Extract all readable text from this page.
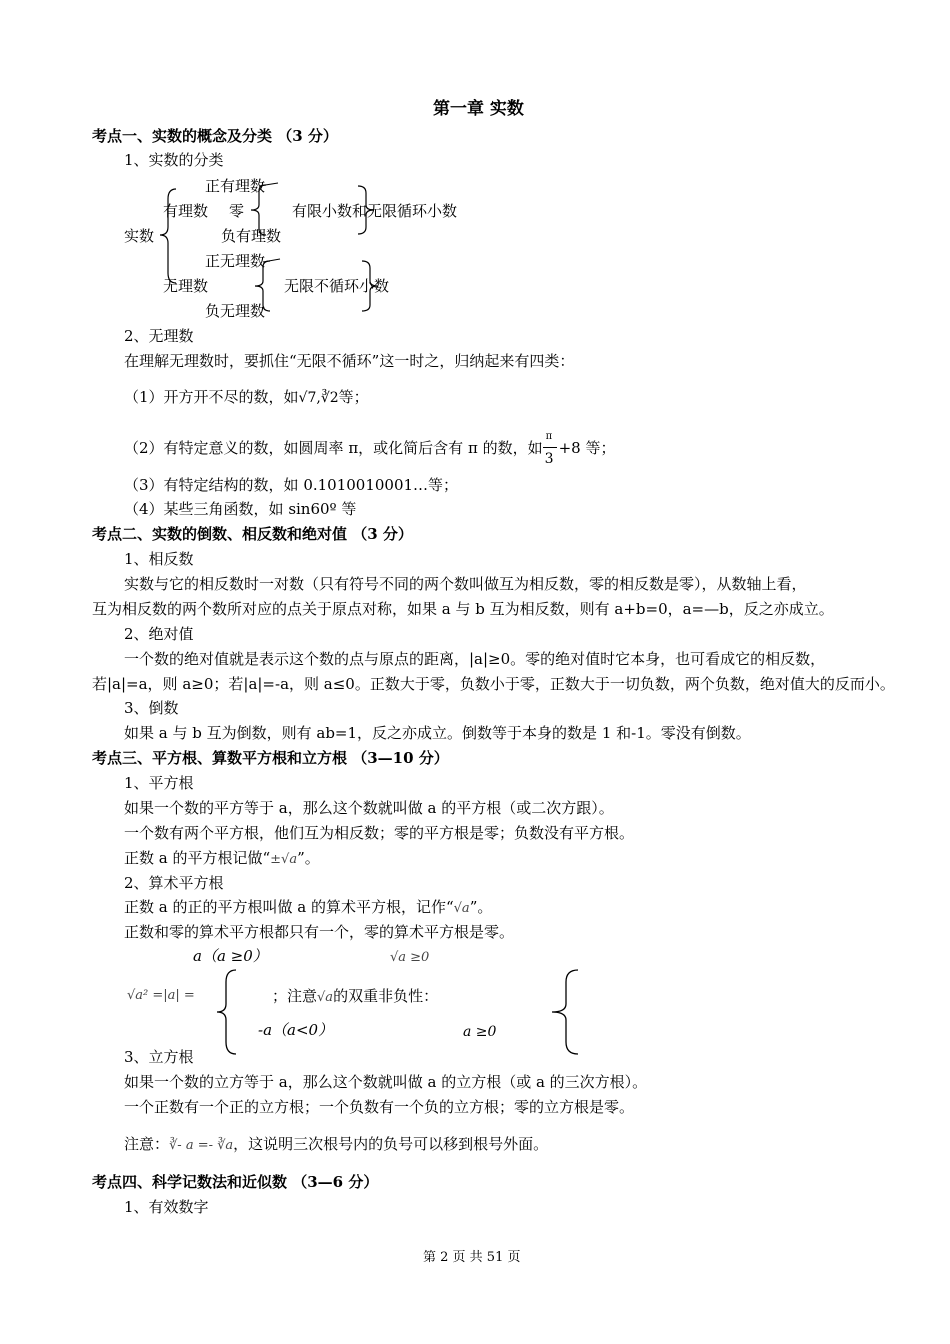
第一章 实数
考点一、实数的概念及分类 （3 分）
1、实数的分类
实数
有理数
正有理数
零
负有理数
有限小数和无限循环小数
无理数
正无理数
负无理数
无限不循环小数
2、无理数
在理解无理数时，要抓住“无限不循环”这一时之，归纳起来有四类：
（1）开方开不尽的数，如√7,∛2等；
（2）有特定意义的数，如圆周率 π，或化简后含有 π 的数，如
π
3
+8 等；
（3）有特定结构的数，如 0.1010010001…等；
（4）某些三角函数，如 sin60º 等
考点二、实数的倒数、相反数和绝对值 （3 分）
1、相反数
实数与它的相反数时一对数（只有符号不同的两个数叫做互为相反数，零的相反数是零），从数轴上看，
互为相反数的两个数所对应的点关于原点对称，如果 a 与 b 互为相反数，则有 a+b=0，a=—b，反之亦成立。
2、绝对值
一个数的绝对值就是表示这个数的点与原点的距离，|a|≥0。零的绝对值时它本身，也可看成它的相反数，
若|a|=a，则 a≥0；若|a|=-a，则 a≤0。正数大于零，负数小于零，正数大于一切负数，两个负数，绝对值大的反而小。
3、倒数
如果 a 与 b 互为倒数，则有 ab=1，反之亦成立。倒数等于本身的数是 1 和-1。零没有倒数。
考点三、平方根、算数平方根和立方根 （3—10 分）
1、平方根
如果一个数的平方等于 a，那么这个数就叫做 a 的平方根（或二次方跟）。
一个数有两个平方根，他们互为相反数；零的平方根是零；负数没有平方根。
正数 a 的平方根记做“±√a”。
2、算术平方根
正数 a 的正的平方根叫做 a 的算术平方根，记作“√a”。
正数和零的算术平方根都只有一个，零的算术平方根是零。
a（a ≥0）	√a ≥0
√a² =|a| =	；注意√a的双重非负性：
-a（a<0）	a ≥0
3、立方根
如果一个数的立方等于 a，那么这个数就叫做 a 的立方根（或 a 的三次方根）。
一个正数有一个正的立方根；一个负数有一个负的立方根；零的立方根是零。
注意：∛- a =- ∛a，这说明三次根号内的负号可以移到根号外面。
考点四、科学记数法和近似数 （3—6 分）
1、有效数字
第 2 页 共 51 页
